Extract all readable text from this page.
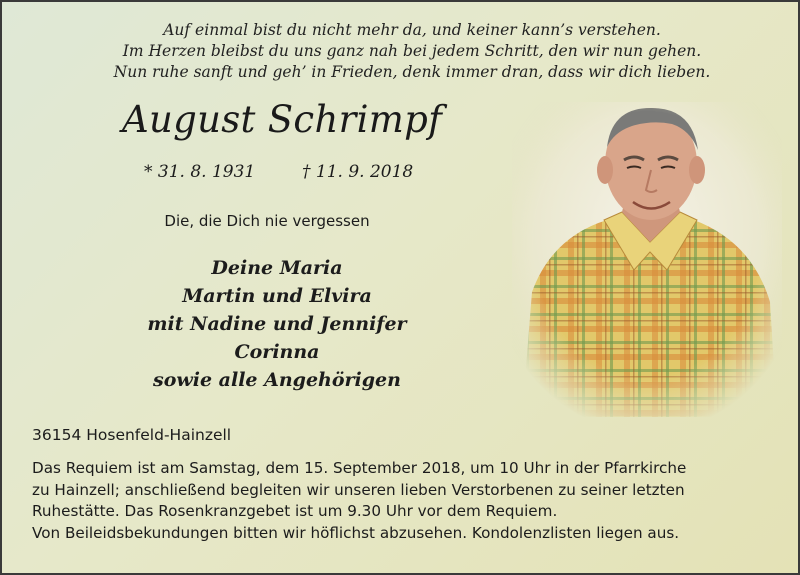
Auf einmal bist du nicht mehr da, und keiner kann’s verstehen.
Im Herzen bleibst du uns ganz nah bei jedem Schritt, den wir nun gehen.
Nun ruhe sanft und geh’ in Frieden, denk immer dran, dass wir dich lieben.
August Schrimpf
* 31. 8. 1931	† 11. 9. 2018
Die, die Dich nie vergessen
Deine Maria
Martin und Elvira
mit Nadine und Jennifer
Corinna
sowie alle Angehörigen
36154 Hosenfeld-Hainzell
Das Requiem ist am Samstag, dem 15. September 2018, um 10 Uhr in der Pfarrkirche
zu Hainzell; anschließend begleiten wir unseren lieben Verstorbenen zu seiner letzten
Ruhestätte. Das Rosenkranzgebet ist um 9.30 Uhr vor dem Requiem.
Von Beileidsbekundungen bitten wir höflichst abzusehen. Kondolenzlisten liegen aus.
